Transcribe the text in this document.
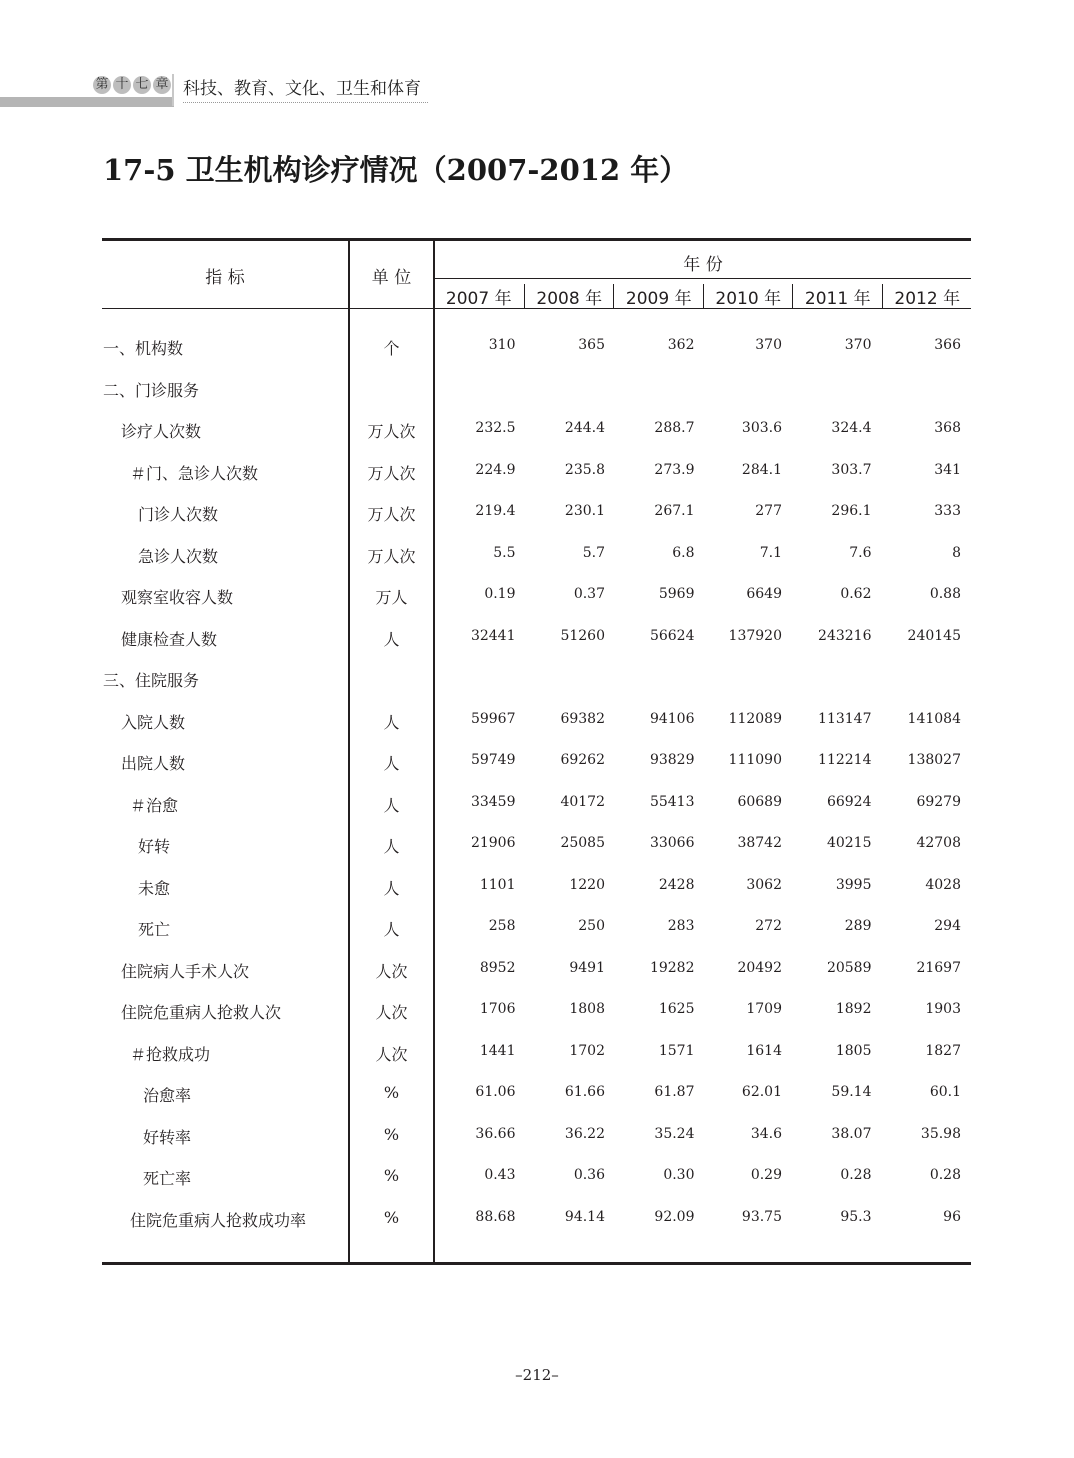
第 十 七 章 科技、教育、文化、卫生和体育
17-5 卫生机构诊疗情况（2007-2012 年）
指 标	单 位
年 份
2007 年	2008 年	2009 年	2010 年	2011 年	2012 年
一、机构数	个	310	365	362	370	370	366
二、门诊服务
诊疗人次数	万人次	232.5	244.4	288.7	303.6	324.4	368
＃门、急诊人次数	万人次	224.9	235.8	273.9	284.1	303.7	341
门诊人次数	万人次	219.4	230.1	267.1	277	296.1	333
急诊人次数	万人次	5.5	5.7	6.8	7.1	7.6	8
观察室收容人数	万人	0.19	0.37	5969	6649	0.62	0.88
健康检查人数	人	32441	51260	56624	137920	243216	240145
三、住院服务
入院人数	人	59967	69382	94106	112089	113147	141084
出院人数	人	59749	69262	93829	111090	112214	138027
＃治愈	人	33459	40172	55413	60689	66924	69279
好转	人	21906	25085	33066	38742	40215	42708
未愈	人	1101	1220	2428	3062	3995	4028
死亡	人	258	250	283	272	289	294
住院病人手术人次	人次	8952	9491	19282	20492	20589	21697
住院危重病人抢救人次	人次	1706	1808	1625	1709	1892	1903
＃抢救成功	人次	1441	1702	1571	1614	1805	1827
治愈率	%	61.06	61.66	61.87	62.01	59.14	60.1
好转率	%	36.66	36.22	35.24	34.6	38.07	35.98
死亡率	%	0.43	0.36	0.30	0.29	0.28	0.28
住院危重病人抢救成功率	%	88.68	94.14	92.09	93.75	95.3	96
–212–
